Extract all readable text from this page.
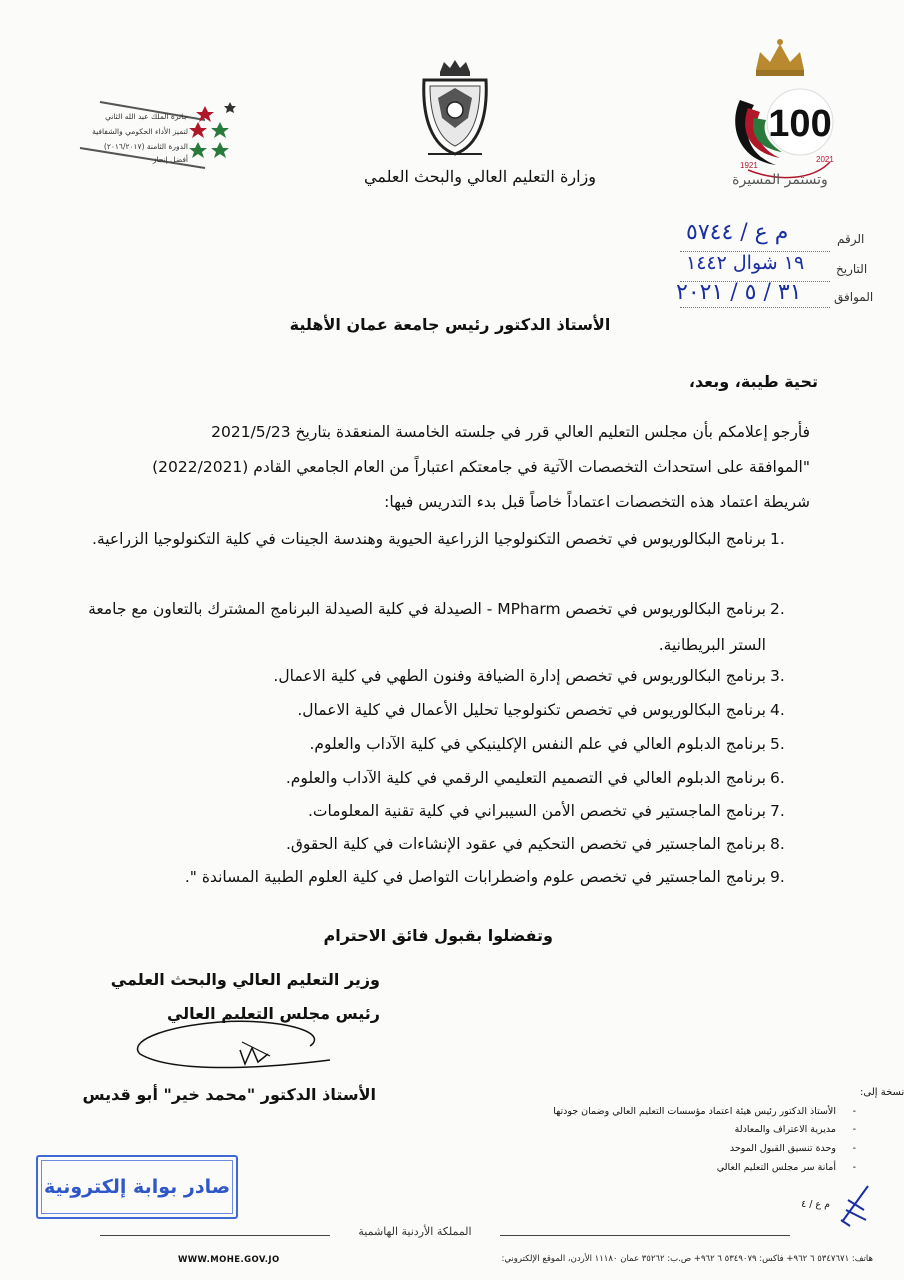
100
1921
2021
وتستمر المسيرة
وزارة التعليم العالي والبحث العلمي
جائزة الملك عبد الله الثاني
لتميز الأداء الحكومي والشفافية
الدورة الثامنة (٢٠١٦/٢٠١٧)
أفضل إنجاز
الرقم
م ع / ٥٧٤٤
التاريخ
١٩ شوال ١٤٤٢
الموافق
٣١ / ٥ / ٢٠٢١
الأستاذ الدكتور رئيس جامعة عمان الأهلية
تحية طيبة، وبعد،
فأرجو إعلامكم بأن مجلس التعليم العالي قرر في جلسته الخامسة المنعقدة بتاريخ 2021/5/23
"الموافقة على استحداث التخصصات الآتية في جامعتكم اعتباراً من العام الجامعي القادم (2022/2021)
شريطة اعتماد هذه التخصصات اعتماداً خاصاً قبل بدء التدريس فيها:
1.
برنامج البكالوريوس في تخصص التكنولوجيا الزراعية الحيوية وهندسة الجينات في كلية التكنولوجيا الزراعية.
2.
برنامج البكالوريوس في تخصص MPharm - الصيدلة في كلية الصيدلة البرنامج المشترك بالتعاون مع جامعة الستر البريطانية.
3.
برنامج البكالوريوس في تخصص إدارة الضيافة وفنون الطهي في كلية الاعمال.
4.
برنامج البكالوريوس في تخصص تكنولوجيا تحليل الأعمال في كلية الاعمال.
5.
برنامج الدبلوم العالي في علم النفس الإكلينيكي في كلية الآداب والعلوم.
6.
برنامج الدبلوم العالي في التصميم التعليمي الرقمي في كلية الآداب والعلوم.
7.
برنامج الماجستير في تخصص الأمن السيبراني في كلية تقنية المعلومات.
8.
برنامج الماجستير في تخصص التحكيم في عقود الإنشاءات في كلية الحقوق.
9.
برنامج الماجستير في تخصص علوم واضطرابات التواصل في كلية العلوم الطبية المساندة ".
وتفضلوا بقبول فائق الاحترام
وزير التعليم العالي والبحث العلمي
رئيس مجلس التعليم العالي
الأستاذ الدكتور "محمد خير" أبو قديس	نسخة إلى:
-
الأستاذ الدكتور رئيس هيئة اعتماد مؤسسات التعليم العالي وضمان جودتها
-
مديرية الاعتراف والمعادلة
-
وحدة تنسيق القبول الموحد
-
أمانة سر مجلس التعليم العالي
م ع / ٤
صادر بوابة إلكترونية
المملكة الأردنية الهاشمية
WWW.MOHE.GOV.JO	هاتف: ٥٣٤٧٦٧١ ٦ ٩٦٢+ فاكس: ٥٣٤٩٠٧٩ ٦ ٩٦٢+ ص.ب: ٣٥٢٦٢ عمان ١١١٨٠ الأردن، الموقع الإلكتروني:
